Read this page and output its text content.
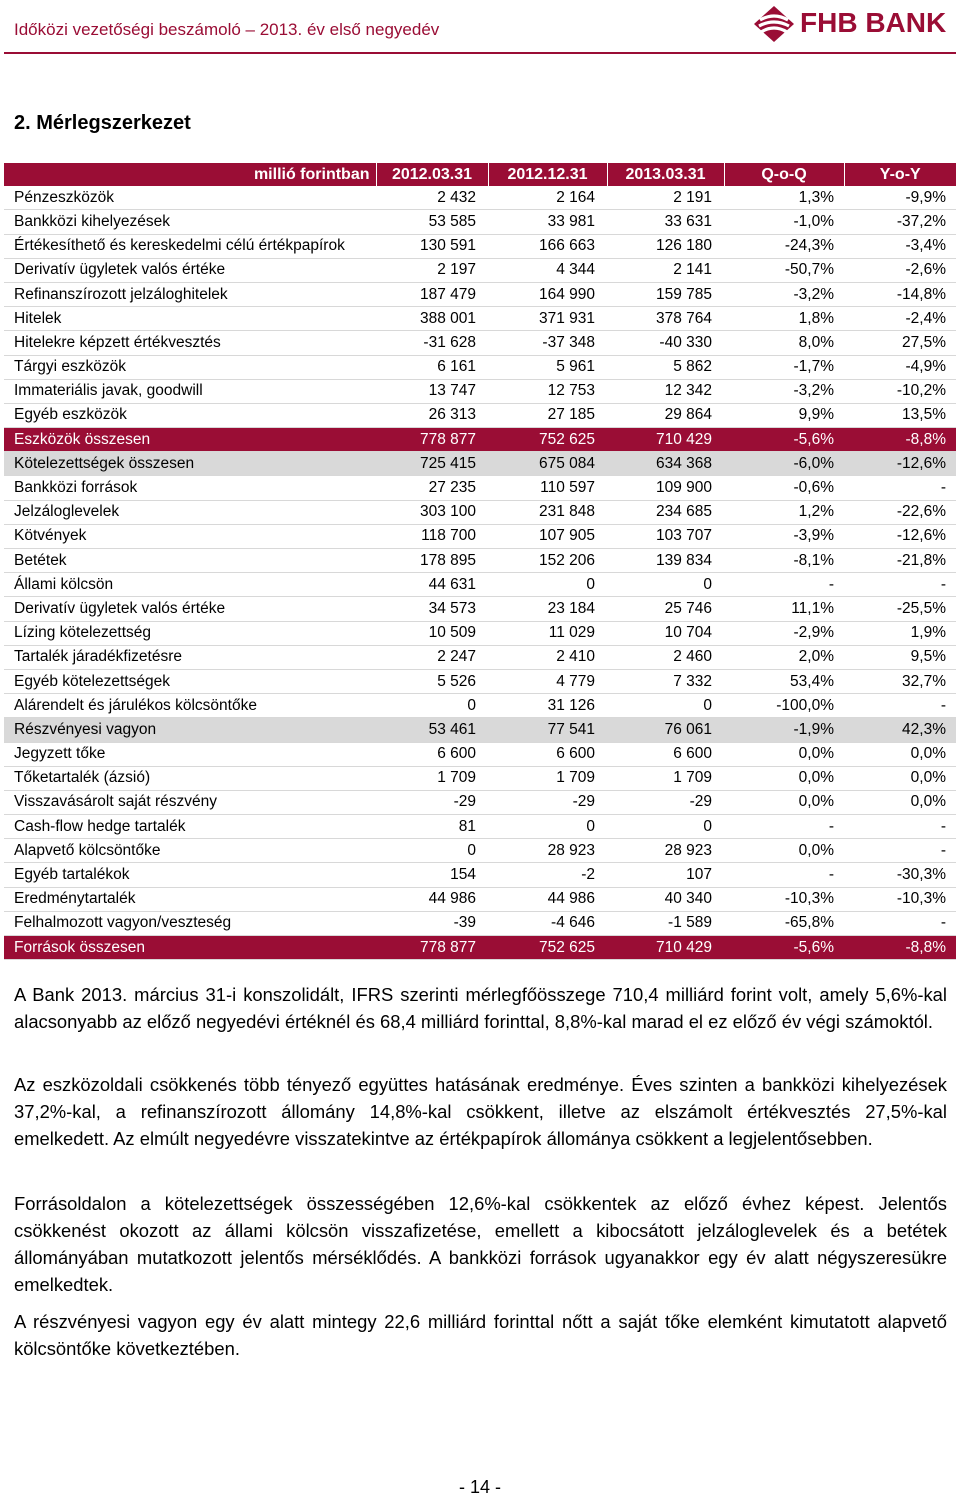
Időközi vezetőségi beszámoló – 2013. év első negyedév	FHB BANK
2. Mérlegszerkezet
millió forintban	2012.03.31	2012.12.31	2013.03.31	Q-o-Q	Y-o-Y
Pénzeszközök	2 432	2 164	2 191	1,3%	-9,9%
Bankközi kihelyezések	53 585	33 981	33 631	-1,0%	-37,2%
Értékesíthető és kereskedelmi célú értékpapírok	130 591	166 663	126 180	-24,3%	-3,4%
Derivatív ügyletek valós értéke	2 197	4 344	2 141	-50,7%	-2,6%
Refinanszírozott jelzáloghitelek	187 479	164 990	159 785	-3,2%	-14,8%
Hitelek	388 001	371 931	378 764	1,8%	-2,4%
Hitelekre képzett értékvesztés	-31 628	-37 348	-40 330	8,0%	27,5%
Tárgyi eszközök	6 161	5 961	5 862	-1,7%	-4,9%
Immateriális javak, goodwill	13 747	12 753	12 342	-3,2%	-10,2%
Egyéb eszközök	26 313	27 185	29 864	9,9%	13,5%
Eszközök összesen	778 877	752 625	710 429	-5,6%	-8,8%
Kötelezettségek összesen	725 415	675 084	634 368	-6,0%	-12,6%
Bankközi források	27 235	110 597	109 900	-0,6%	-
Jelzáloglevelek	303 100	231 848	234 685	1,2%	-22,6%
Kötvények	118 700	107 905	103 707	-3,9%	-12,6%
Betétek	178 895	152 206	139 834	-8,1%	-21,8%
Állami kölcsön	44 631	0	0	-	-
Derivatív ügyletek valós értéke	34 573	23 184	25 746	11,1%	-25,5%
Lízing kötelezettség	10 509	11 029	10 704	-2,9%	1,9%
Tartalék járadékfizetésre	2 247	2 410	2 460	2,0%	9,5%
Egyéb kötelezettségek	5 526	4 779	7 332	53,4%	32,7%
Alárendelt és járulékos kölcsöntőke	0	31 126	0	-100,0%	-
Részvényesi vagyon	53 461	77 541	76 061	-1,9%	42,3%
Jegyzett tőke	6 600	6 600	6 600	0,0%	0,0%
Tőketartalék (ázsió)	1 709	1 709	1 709	0,0%	0,0%
Visszavásárolt saját részvény	-29	-29	-29	0,0%	0,0%
Cash-flow hedge tartalék	81	0	0	-	-
Alapvető kölcsöntőke	0	28 923	28 923	0,0%	-
Egyéb tartalékok	154	-2	107	-	-30,3%
Eredménytartalék	44 986	44 986	40 340	-10,3%	-10,3%
Felhalmozott vagyon/veszteség	-39	-4 646	-1 589	-65,8%	-
Források összesen	778 877	752 625	710 429	-5,6%	-8,8%
A Bank 2013. március 31-i konszolidált, IFRS szerinti mérlegfőösszege 710,4 milliárd forint volt, amely 5,6%-kal alacsonyabb az előző negyedévi értéknél és 68,4 milliárd forinttal, 8,8%-kal marad el ez előző év végi számoktól.
Az eszközoldali csökkenés több tényező együttes hatásának eredménye. Éves szinten a bankközi kihelyezések 37,2%-kal, a refinanszírozott állomány 14,8%-kal csökkent, illetve az elszámolt értékvesztés 27,5%-kal emelkedett. Az elmúlt negyedévre visszatekintve az értékpapírok állománya csökkent a legjelentősebben.
Forrásoldalon a kötelezettségek összességében 12,6%-kal csökkentek az előző évhez képest. Jelentős csökkenést okozott az állami kölcsön visszafizetése, emellett a kibocsátott jelzáloglevelek és a betétek állományában mutatkozott jelentős mérséklődés. A bankközi források ugyanakkor egy év alatt négyszeresükre emelkedtek.
A részvényesi vagyon egy év alatt mintegy 22,6 milliárd forinttal nőtt a saját tőke elemként kimutatott alapvető kölcsöntőke következtében.
- 14 -
